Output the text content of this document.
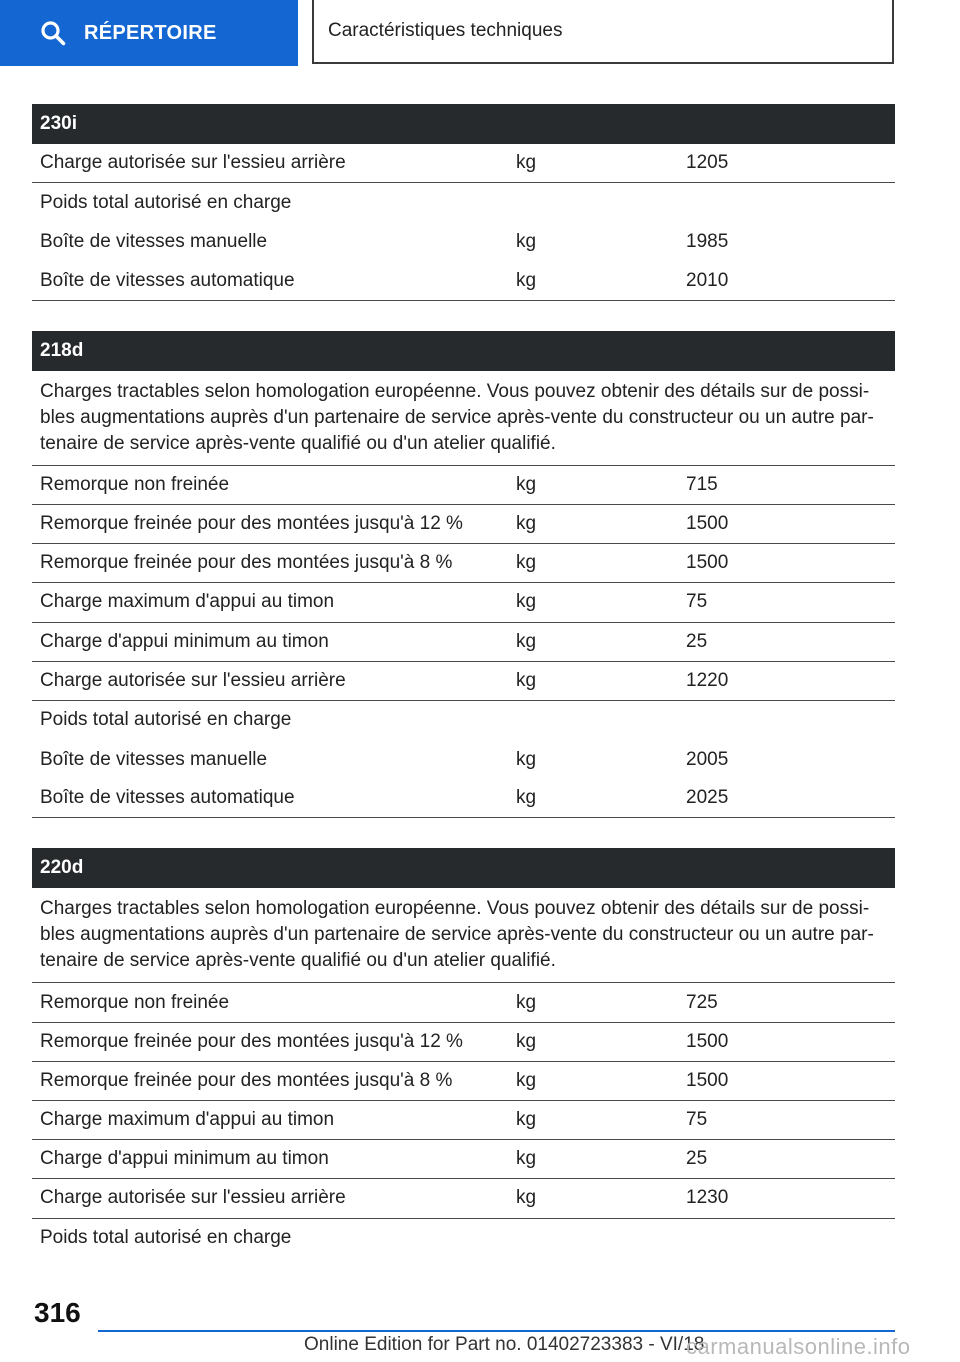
RÉPERTOIRE	Caractéristiques techniques
230i
Charge autorisée sur l'essieu arrière	kg	1205
Poids total autorisé en charge
Boîte de vitesses manuelle	kg	1985
Boîte de vitesses automatique	kg	2010
218d
Charges tractables selon homologation européenne. Vous pouvez obtenir des détails sur de possibles augmentations auprès d'un partenaire de service après-vente du constructeur ou un autre partenaire de service après-vente qualifié ou d'un atelier qualifié.
Remorque non freinée	kg	715
Remorque freinée pour des montées jusqu'à 12 %	kg	1500
Remorque freinée pour des montées jusqu'à 8 %	kg	1500
Charge maximum d'appui au timon	kg	75
Charge d'appui minimum au timon	kg	25
Charge autorisée sur l'essieu arrière	kg	1220
Poids total autorisé en charge
Boîte de vitesses manuelle	kg	2005
Boîte de vitesses automatique	kg	2025
220d
Charges tractables selon homologation européenne. Vous pouvez obtenir des détails sur de possibles augmentations auprès d'un partenaire de service après-vente du constructeur ou un autre partenaire de service après-vente qualifié ou d'un atelier qualifié.
Remorque non freinée	kg	725
Remorque freinée pour des montées jusqu'à 12 %	kg	1500
Remorque freinée pour des montées jusqu'à 8 %	kg	1500
Charge maximum d'appui au timon	kg	75
Charge d'appui minimum au timon	kg	25
Charge autorisée sur l'essieu arrière	kg	1230
Poids total autorisé en charge
316
Online Edition for Part no. 01402723383 - VI/18
carmanualsonline.info
